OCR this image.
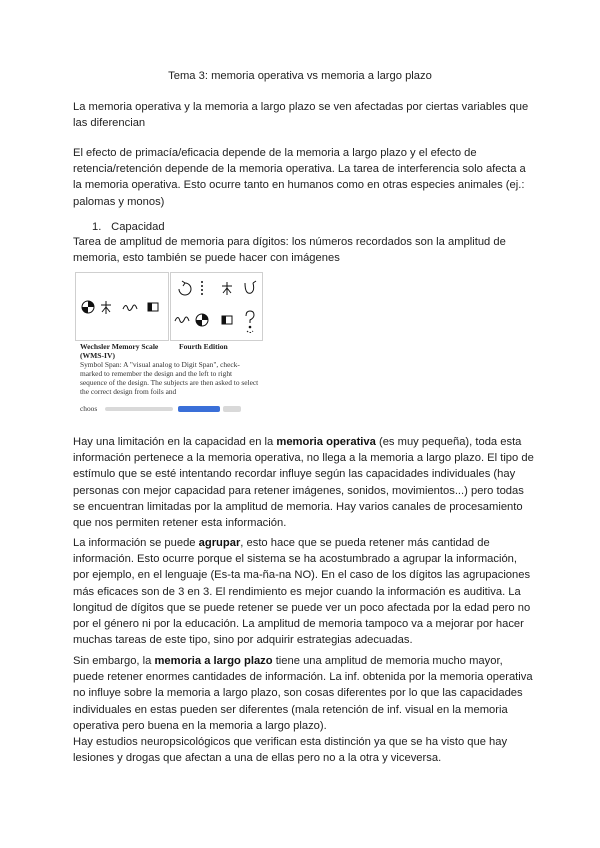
Tema 3: memoria operativa vs memoria a largo plazo

La memoria operativa y la memoria a largo plazo se ven afectadas por ciertas variables que las diferencian

El efecto de primacía/eficacia depende de la memoria a largo plazo y el efecto de retencia/retención depende de la memoria operativa. La tarea de interferencia solo afecta a la memoria operativa. Esto ocurre tanto en humanos como en otras especies animales (ej.: palomas y monos)

1. Capacidad

Tarea de amplitud de memoria para dígitos: los números recordados son la amplitud de memoria, esto también se puede hacer con imágenes

Wechsler Memory Scale	Fourth Edition
(WMS-IV)
Symbol Span: A "visual analog to Digit Span", check-marked to remember the design and the left to right sequence of the design. The subjects are then asked to select the correct design from foils and
choos

Hay una limitación en la capacidad en la memoria operativa (es muy pequeña), toda esta información pertenece a la memoria operativa, no llega a la memoria a largo plazo. El tipo de estímulo que se esté intentando recordar influye según las capacidades individuales (hay personas con mejor capacidad para retener imágenes, sonidos, movimientos...) pero todas se encuentran limitadas por la amplitud de memoria. Hay varios canales de procesamiento que nos permiten retener esta información.

La información se puede agrupar, esto hace que se pueda retener más cantidad de información. Esto ocurre porque el sistema se ha acostumbrado a agrupar la información, por ejemplo, en el lenguaje (Es-ta ma-ña-na NO). En el caso de los dígitos las agrupaciones más eficaces son de 3 en 3. El rendimiento es mejor cuando la información es auditiva. La longitud de dígitos que se puede retener se puede ver un poco afectada por la edad pero no por el género ni por la educación. La amplitud de memoria tampoco va a mejorar por hacer muchas tareas de este tipo, sino por adquirir estrategias adecuadas.

Sin embargo, la memoria a largo plazo tiene una amplitud de memoria mucho mayor, puede retener enormes cantidades de información. La inf. obtenida por la memoria operativa no influye sobre la memoria a largo plazo, son cosas diferentes por lo que las capacidades individuales en estas pueden ser diferentes (mala retención de inf. visual en la memoria operativa pero buena en la memoria a largo plazo).
Hay estudios neuropsicológicos que verifican esta distinción ya que se ha visto que hay lesiones y drogas que afectan a una de ellas pero no a la otra y viceversa.
